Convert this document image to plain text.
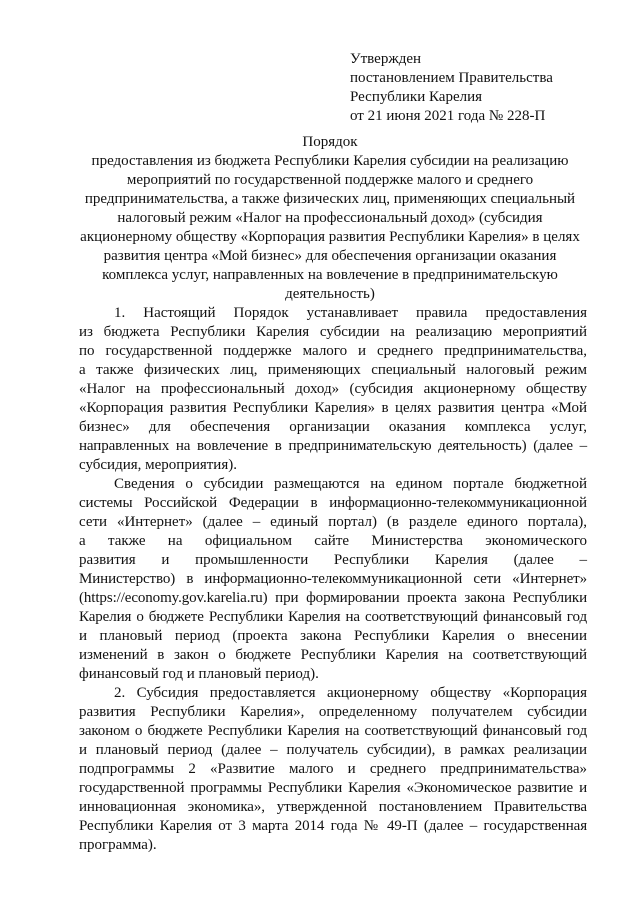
Утвержден
постановлением Правительства
Республики Карелия
от 21 июня 2021 года № 228-П
Порядок
предоставления из бюджета Республики Карелия субсидии на реализацию
мероприятий по государственной поддержке малого и среднего
предпринимательства, а также физических лиц, применяющих специальный
налоговый режим «Налог на профессиональный доход» (субсидия
акционерному обществу «Корпорация развития Республики Карелия» в целях
развития центра «Мой бизнес» для обеспечения организации оказания
комплекса услуг, направленных на вовлечение в предпринимательскую
деятельность)
1. Настоящий Порядок устанавливает правила предоставления
из бюджета Республики Карелия субсидии на реализацию мероприятий
по государственной поддержке малого и среднего предпринимательства,
а также физических лиц, применяющих специальный налоговый режим
«Налог на профессиональный доход» (субсидия акционерному обществу
«Корпорация развития Республики Карелия» в целях развития центра «Мой
бизнес» для обеспечения организации оказания комплекса услуг,
направленных на вовлечение в предпринимательскую деятельность) (далее –
субсидия, мероприятия).
Сведения о субсидии размещаются на едином портале бюджетной
системы Российской Федерации в информационно-телекоммуникационной
сети «Интернет» (далее – единый портал) (в разделе единого портала),
а также на официальном сайте Министерства экономического
развития и промышленности Республики Карелия (далее –
Министерство) в информационно-телекоммуникационной сети «Интернет»
(https://economy.gov.karelia.ru) при формировании проекта закона Республики
Карелия о бюджете Республики Карелия на соответствующий финансовый год
и плановый период (проекта закона Республики Карелия о внесении
изменений в закон о бюджете Республики Карелия на соответствующий
финансовый год и плановый период).
2. Субсидия предоставляется акционерному обществу «Корпорация
развития Республики Карелия», определенному получателем субсидии
законом о бюджете Республики Карелия на соответствующий финансовый год
и плановый период (далее – получатель субсидии), в рамках реализации
подпрограммы 2 «Развитие малого и среднего предпринимательства»
государственной программы Республики Карелия «Экономическое развитие и
инновационная экономика», утвержденной постановлением Правительства
Республики Карелия от 3 марта 2014 года № 49-П (далее – государственная
программа).
